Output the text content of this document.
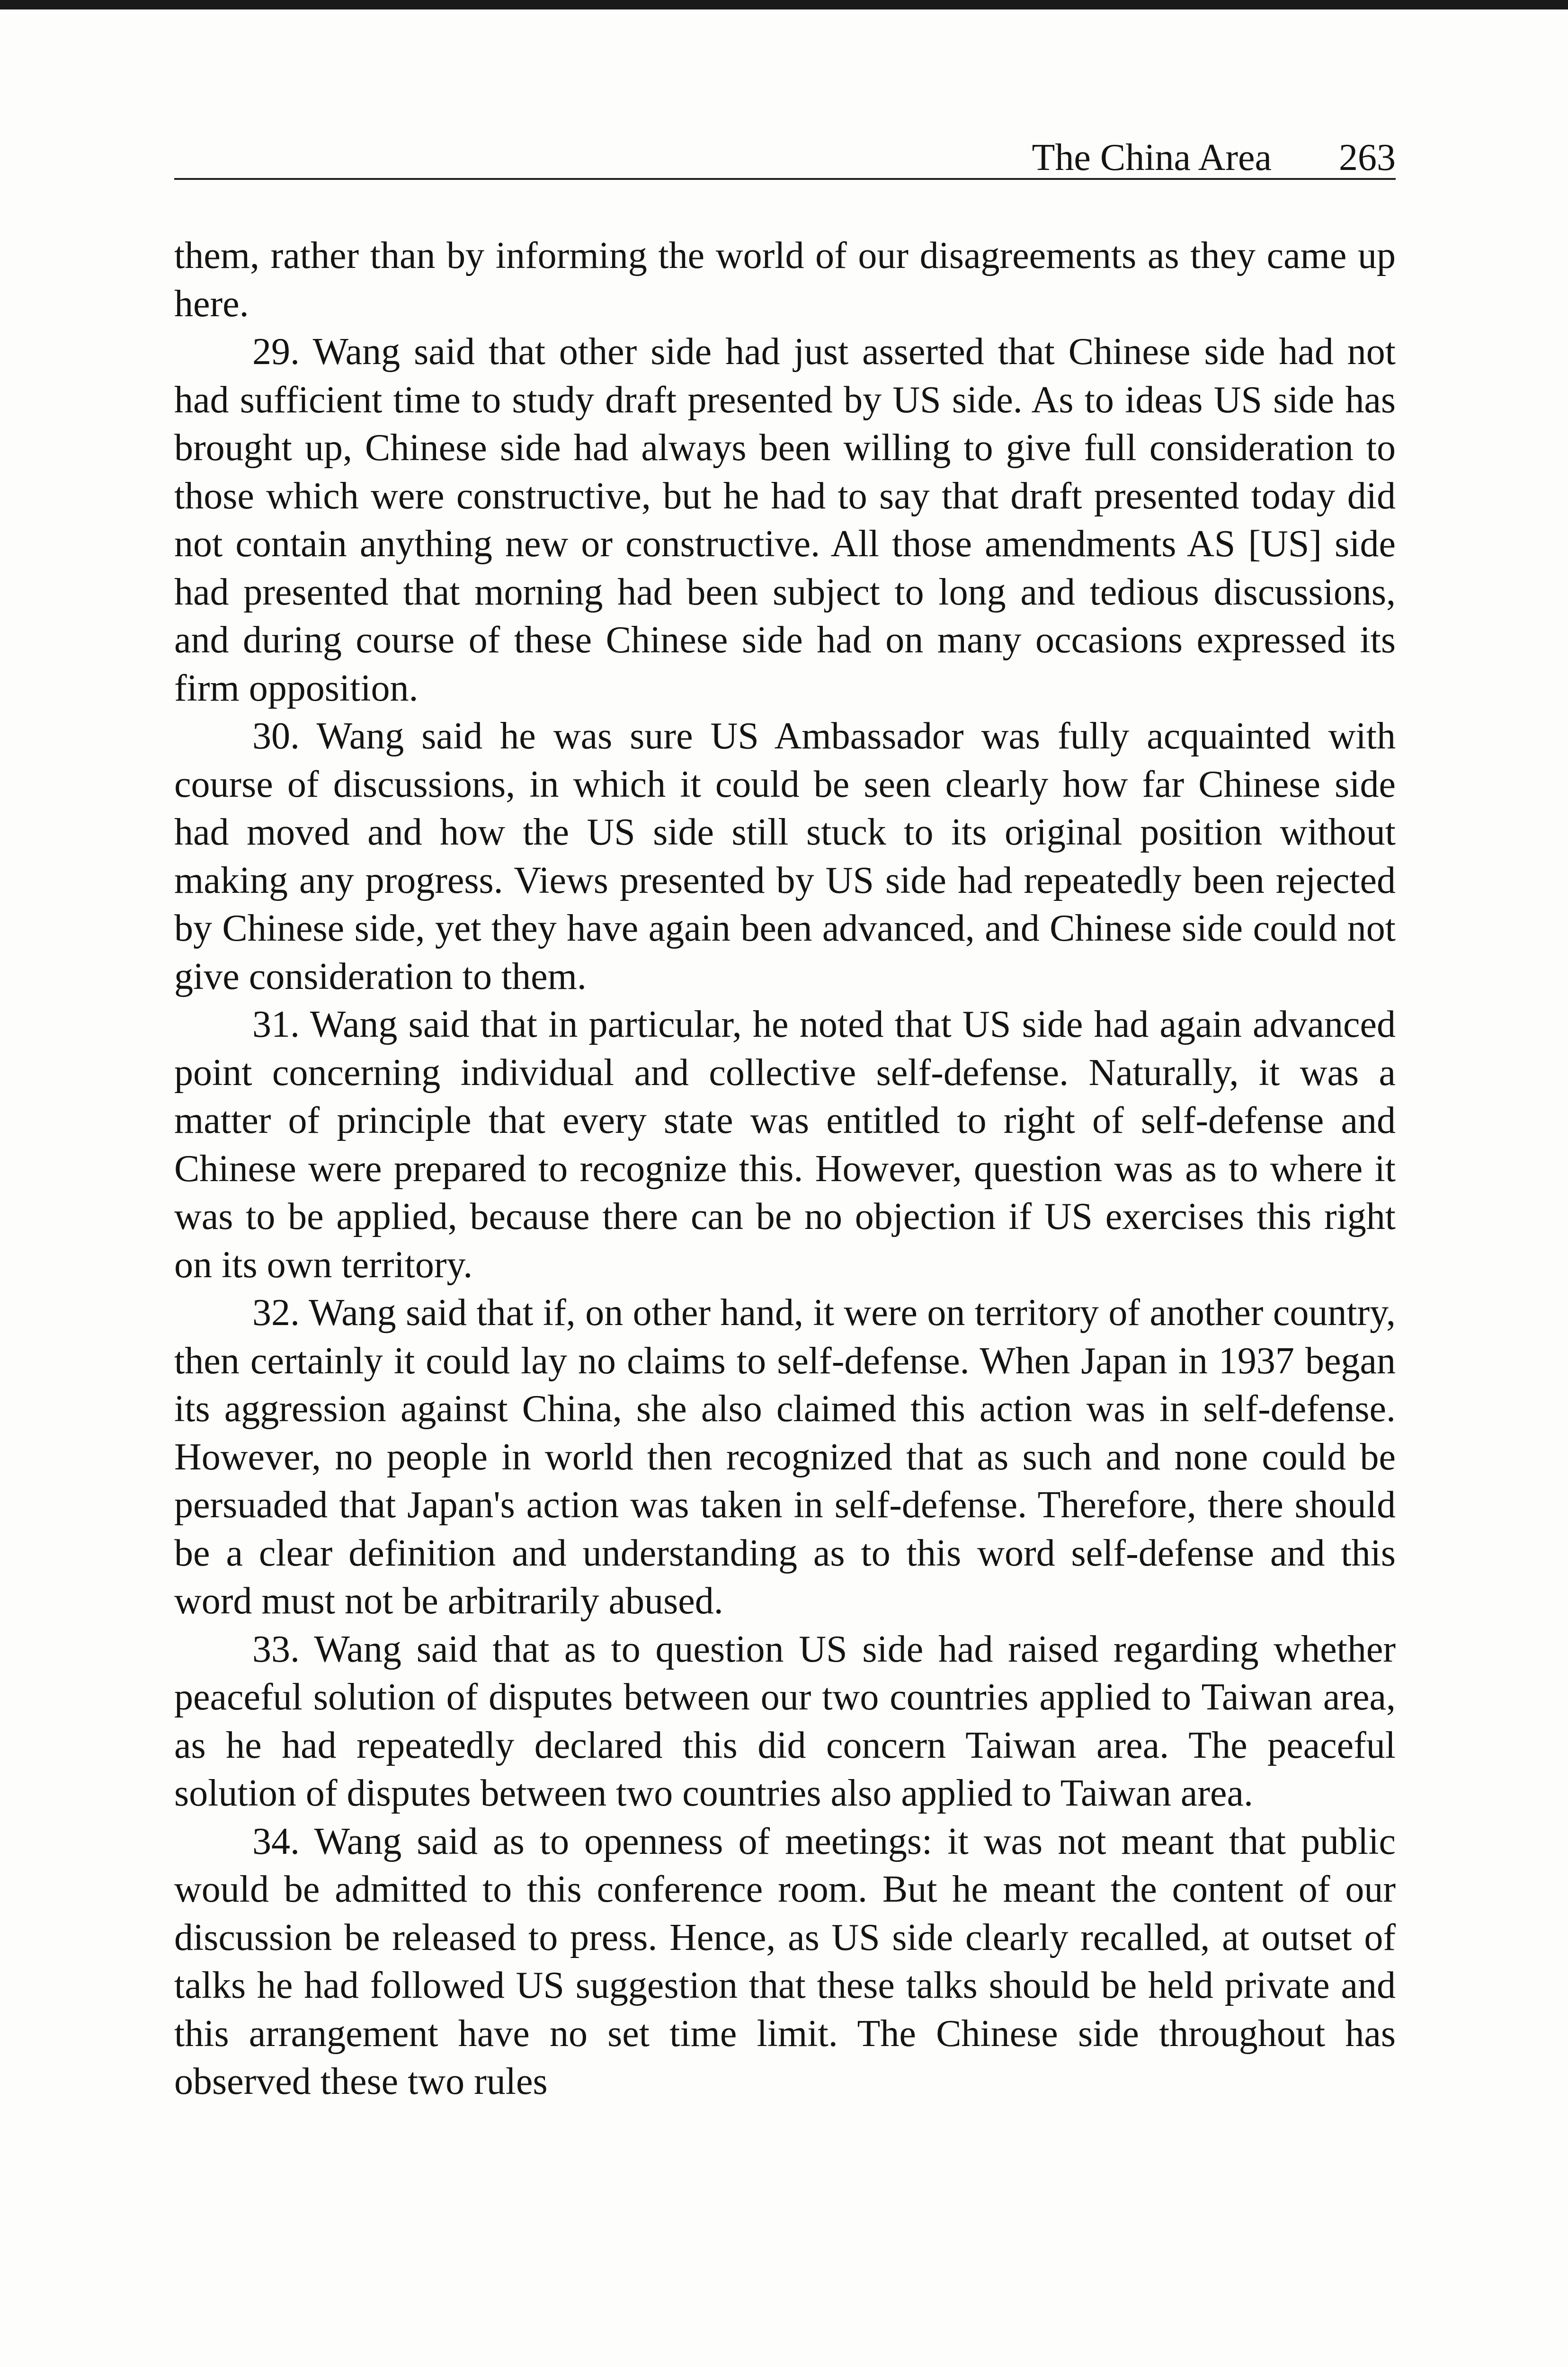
The China Area 263

them, rather than by informing the world of our disagreements as they came up here.

29. Wang said that other side had just asserted that Chinese side had not had sufficient time to study draft presented by US side. As to ideas US side has brought up, Chinese side had always been willing to give full consideration to those which were constructive, but he had to say that draft presented today did not contain anything new or constructive. All those amendments AS [US] side had presented that morning had been subject to long and tedious discussions, and during course of these Chinese side had on many occasions expressed its firm opposition.

30. Wang said he was sure US Ambassador was fully acquainted with course of discussions, in which it could be seen clearly how far Chinese side had moved and how the US side still stuck to its original position without making any progress. Views presented by US side had repeatedly been rejected by Chinese side, yet they have again been advanced, and Chinese side could not give consideration to them.

31. Wang said that in particular, he noted that US side had again advanced point concerning individual and collective self-defense. Naturally, it was a matter of principle that every state was entitled to right of self-defense and Chinese were prepared to recognize this. However, question was as to where it was to be applied, because there can be no objection if US exercises this right on its own territory.

32. Wang said that if, on other hand, it were on territory of another country, then certainly it could lay no claims to self-defense. When Japan in 1937 began its aggression against China, she also claimed this action was in self-defense. However, no people in world then recognized that as such and none could be persuaded that Japan's action was taken in self-defense. Therefore, there should be a clear definition and understanding as to this word self-defense and this word must not be arbitrarily abused.

33. Wang said that as to question US side had raised regarding whether peaceful solution of disputes between our two countries applied to Taiwan area, as he had repeatedly declared this did concern Taiwan area. The peaceful solution of disputes between two countries also applied to Taiwan area.

34. Wang said as to openness of meetings: it was not meant that public would be admitted to this conference room. But he meant the content of our discussion be released to press. Hence, as US side clearly recalled, at outset of talks he had followed US suggestion that these talks should be held private and this arrangement have no set time limit. The Chinese side throughout has observed these two rules
